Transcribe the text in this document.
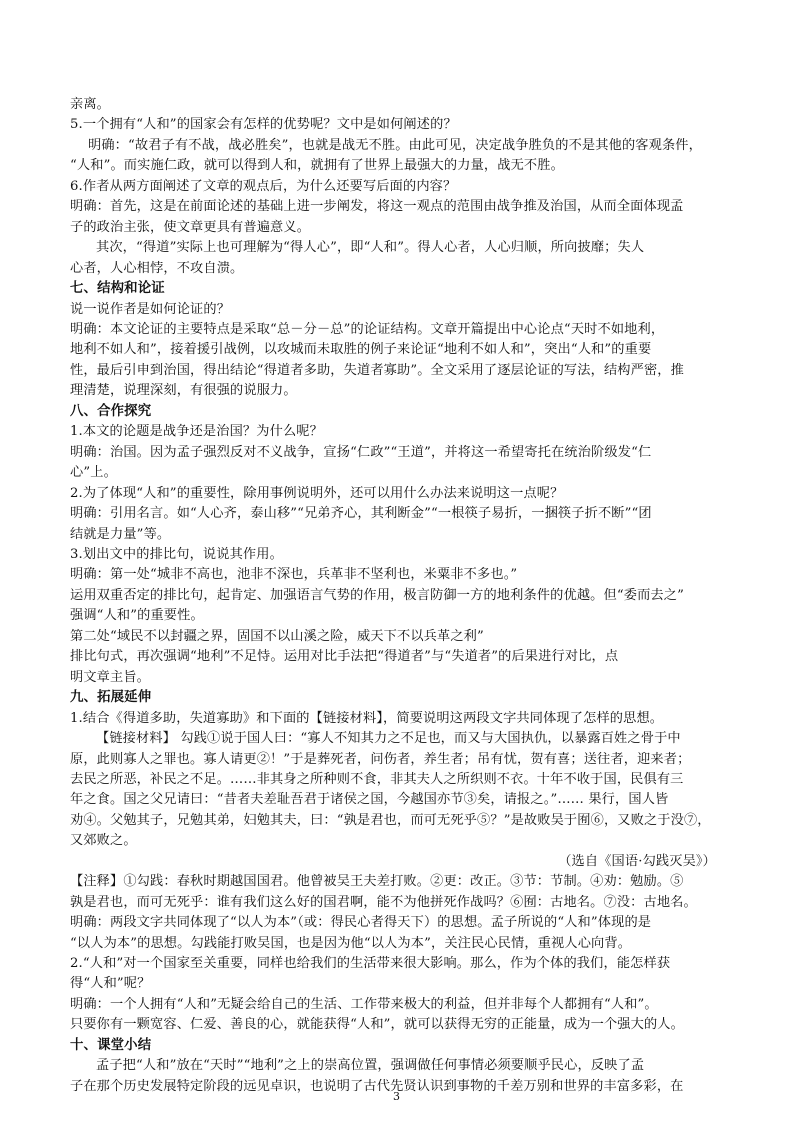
亲离。

5.一个拥有“人和”的国家会有怎样的优势呢？文中是如何阐述的？

明确：“故君子有不战，战必胜矣”，也就是战无不胜。由此可见，决定战争胜负的不是其他的客观条件，

“人和”。而实施仁政，就可以得到人和，就拥有了世界上最强大的力量，战无不胜。

6.作者从两方面阐述了文章的观点后，为什么还要写后面的内容？

明确：首先，这是在前面论述的基础上进一步阐发，将这一观点的范围由战争推及治国，从而全面体现孟

子的政治主张，使文章更具有普遍意义。

其次，“得道”实际上也可理解为“得人心”，即“人和”。得人心者，人心归顺，所向披靡；失人

心者，人心相悖，不攻自溃。

七、结构和论证

说一说作者是如何论证的？

明确：本文论证的主要特点是采取“总－分－总”的论证结构。文章开篇提出中心论点“天时不如地利，

地利不如人和”，接着援引战例，以攻城而未取胜的例子来论证“地利不如人和”，突出“人和”的重要

性，最后引申到治国，得出结论“得道者多助，失道者寡助”。全文采用了逐层论证的写法，结构严密，推

理清楚，说理深刻，有很强的说服力。

八、合作探究

1.本文的论题是战争还是治国？为什么呢？

明确：治国。因为孟子强烈反对不义战争，宣扬“仁政”“王道”，并将这一希望寄托在统治阶级发“仁

心”上。

2.为了体现“人和”的重要性，除用事例说明外，还可以用什么办法来说明这一点呢？

明确：引用名言。如“人心齐，泰山移”“兄弟齐心，其利断金”“一根筷子易折，一捆筷子折不断”“团

结就是力量”等。

3.划出文中的排比句，说说其作用。

明确：第一处“城非不高也，池非不深也，兵革非不坚利也，米粟非不多也。”

运用双重否定的排比句，起肯定、加强语言气势的作用，极言防御一方的地利条件的优越。但“委而去之”

强调“人和”的重要性。

第二处“域民不以封疆之界，固国不以山溪之险，威天下不以兵革之利”

排比句式，再次强调“地利”不足恃。运用对比手法把“得道者”与“失道者”的后果进行对比，点

明文章主旨。

九、拓展延伸

1.结合《得道多助，失道寡助》和下面的【链接材料】，简要说明这两段文字共同体现了怎样的思想。

【链接材料】 勾践①说于国人曰：“寡人不知其力之不足也，而又与大国执仇，以暴露百姓之骨于中

原，此则寡人之罪也。寡人请更②！”于是葬死者，问伤者，养生者；吊有忧，贺有喜；送往者，迎来者；

去民之所恶，补民之不足。……非其身之所种则不食，非其夫人之所织则不衣。十年不收于国，民俱有三

年之食。国之父兄请曰：“昔者夫差耻吾君于诸侯之国，今越国亦节③矣，请报之。”…… 果行，国人皆

劝④。父勉其子，兄勉其弟，妇勉其夫，曰：“孰是君也，而可无死乎⑤？”是故败吴于囿⑥，又败之于没⑦，

又郊败之。

（选自《国语·勾践灭吴》）

【注释】①勾践：春秋时期越国国君。他曾被吴王夫差打败。②更：改正。③节：节制。④劝：勉励。⑤

孰是君也，而可无死乎：谁有我们这么好的国君啊，能不为他拼死作战吗？⑥囿：古地名。⑦没：古地名。

明确：两段文字共同体现了“以人为本”（或：得民心者得天下）的思想。孟子所说的“人和”体现的是

“以人为本”的思想。勾践能打败吴国，也是因为他“以人为本”，关注民心民情，重视人心向背。

2.“人和”对一个国家至关重要，同样也给我们的生活带来很大影响。那么，作为个体的我们，能怎样获

得“人和”呢？

明确：一个人拥有“人和”无疑会给自己的生活、工作带来极大的利益，但并非每个人都拥有“人和”。

只要你有一颗宽容、仁爱、善良的心，就能获得“人和”，就可以获得无穷的正能量，成为一个强大的人。

十、课堂小结

孟子把“人和”放在“天时”“地利”之上的崇高位置，强调做任何事情必须要顺乎民心，反映了孟

子在那个历史发展特定阶段的远见卓识，也说明了古代先贤认识到事物的千差万别和世界的丰富多彩，在

3
